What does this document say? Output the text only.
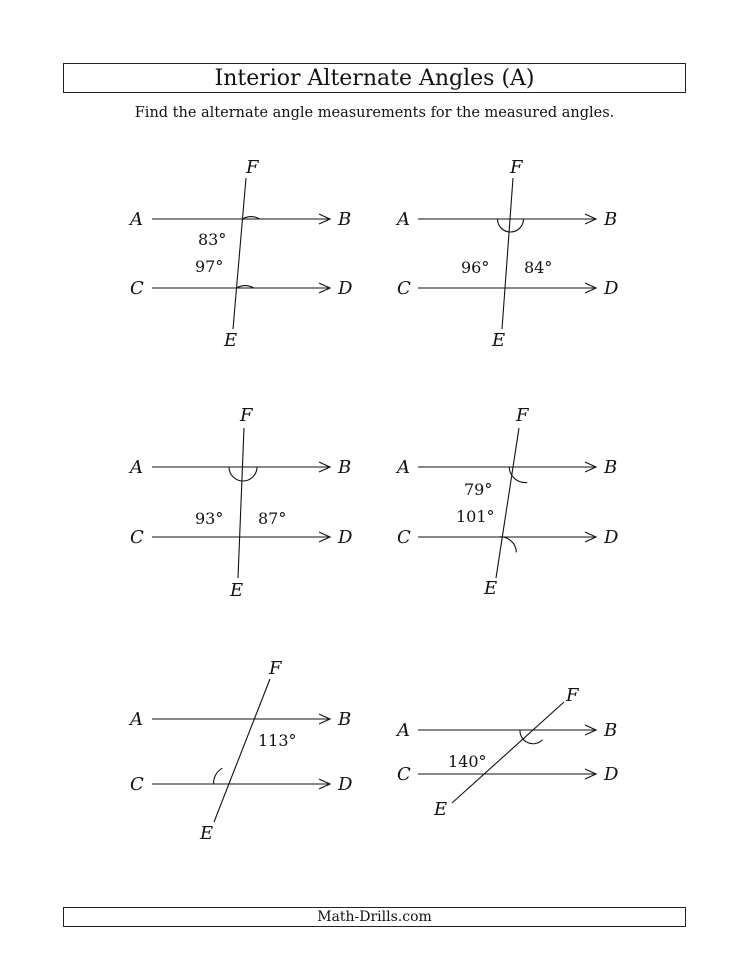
Interior Alternate Angles (A)
Find the alternate angle measurements for the measured angles.
A	B
C	D
E
F
83°
97°
A	B
C	D
E
F
96° 84°
A	B
C	D
E
F
93° 87°
A	B
C	D
E
F
79°
101°
A	B
C	D
E
F
113°	A	B
C	D
E
F
140°
Math-Drills.com
